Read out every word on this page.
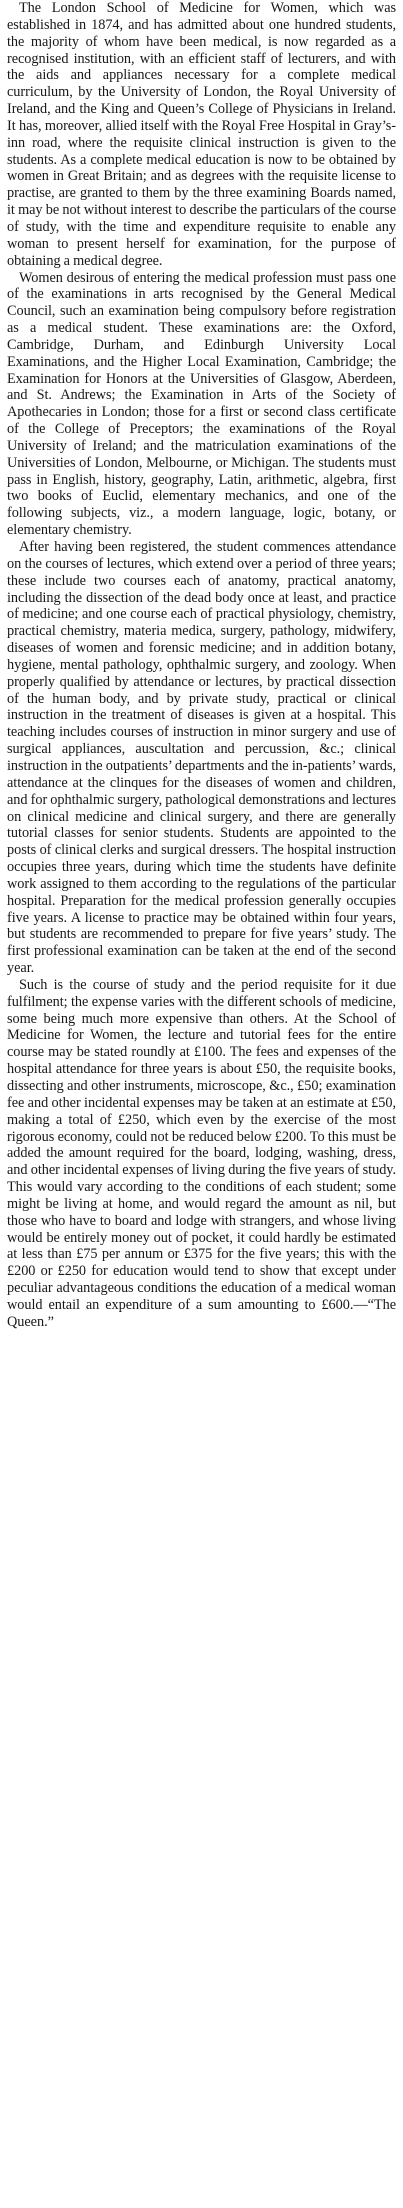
The London School of Medicine for Women, which was established in 1874, and has admitted about one hundred students, the majority of whom have been medical, is now regarded as a recognised institution, with an efficient staff of lecturers, and with the aids and appliances necessary for a complete medical curriculum, by the University of London, the Royal University of Ireland, and the King and Queen’s College of Physicians in Ireland. It has, moreover, allied itself with the Royal Free Hospital in Gray’s-inn road, where the requisite clinical instruction is given to the students. As a complete medical education is now to be obtained by women in Great Britain; and as degrees with the requisite license to practise, are granted to them by the three examining Boards named, it may be not without interest to describe the particulars of the course of study, with the time and expenditure requisite to enable any woman to present herself for examination, for the purpose of obtaining a medical degree.

Women desirous of entering the medical profession must pass one of the examinations in arts recognised by the General Medical Council, such an examination being compulsory before registration as a medical student. These examinations are: the Oxford, Cambridge, Durham, and Edinburgh University Local Examinations, and the Higher Local Examination, Cambridge; the Examination for Honors at the Universities of Glasgow, Aberdeen, and St. Andrews; the Examination in Arts of the Society of Apothecaries in London; those for a first or second class certificate of the College of Preceptors; the examinations of the Royal University of Ireland; and the matriculation examinations of the Universities of London, Melbourne, or Michigan. The students must pass in English, history, geography, Latin, arithmetic, algebra, first two books of Euclid, elementary mechanics, and one of the following subjects, viz., a modern language, logic, botany, or elementary chemistry.

After having been registered, the student commences attendance on the courses of lectures, which extend over a period of three years; these include two courses each of anatomy, practical anatomy, including the dissection of the dead body once at least, and practice of medicine; and one course each of practical physiology, chemistry, practical chemistry, materia medica, surgery, pathology, midwifery, diseases of women and forensic medicine; and in addition botany, hygiene, mental pathology, ophthalmic surgery, and zoology. When properly qualified by attendance or lectures, by practical dissection of the human body, and by private study, practical or clinical instruction in the treatment of diseases is given at a hospital. This teaching includes courses of instruction in minor surgery and use of surgical appliances, auscultation and percussion, &c.; clinical instruction in the outpatients’ departments and the in-patients’ wards, attendance at the clinques for the diseases of women and children, and for ophthalmic surgery, pathological demonstrations and lectures on clinical medicine and clinical surgery, and there are generally tutorial classes for senior students. Students are appointed to the posts of clinical clerks and surgical dressers. The hospital instruction occupies three years, during which time the students have definite work assigned to them according to the regulations of the particular hospital. Preparation for the medical profession generally occupies five years. A license to practice may be obtained within four years, but students are recommended to prepare for five years’ study. The first professional examination can be taken at the end of the second year.

Such is the course of study and the period requisite for it due fulfilment; the expense varies with the different schools of medicine, some being much more expensive than others. At the School of Medicine for Women, the lecture and tutorial fees for the entire course may be stated roundly at £100. The fees and expenses of the hospital attendance for three years is about £50, the requisite books, dissecting and other instruments, microscope, &c., £50; examination fee and other incidental expenses may be taken at an estimate at £50, making a total of £250, which even by the exercise of the most rigorous economy, could not be reduced below £200. To this must be added the amount required for the board, lodging, washing, dress, and other incidental expenses of living during the five years of study. This would vary according to the conditions of each student; some might be living at home, and would regard the amount as nil, but those who have to board and lodge with strangers, and whose living would be entirely money out of pocket, it could hardly be estimated at less than £75 per annum or £375 for the five years; this with the £200 or £250 for education would tend to show that except under peculiar advantageous conditions the education of a medical woman would entail an expenditure of a sum amounting to £600.—“The Queen.”
